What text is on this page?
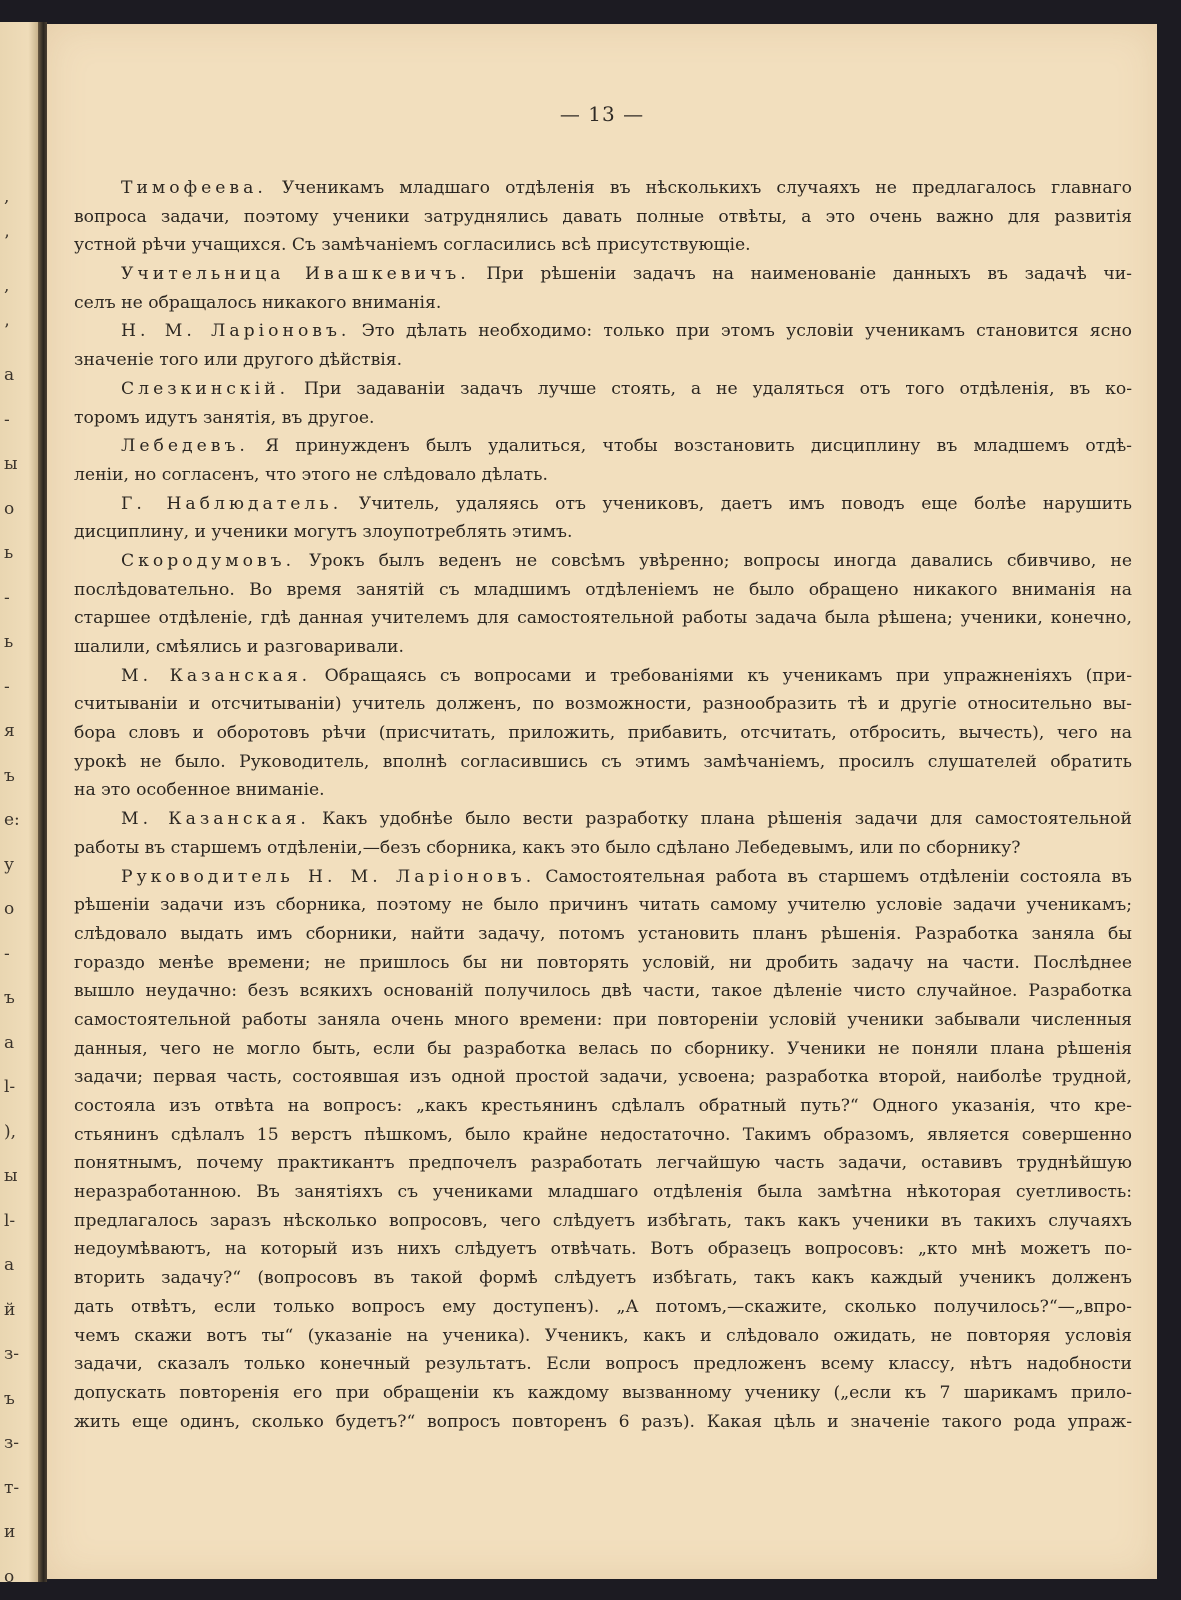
,
’
,
’
а
-
ы
о
ь
-
ь
-
я
ъ
е:
у
о
-
ъ
а
l-
),
ы
l-
а
й
з-
ъ
з-
т-
и
о
— 13 —
Тимофеева. Ученикамъ младшаго отдѣленія въ нѣсколькихъ случаяхъ не предлагалось главнаго
вопроса задачи, поэтому ученики затруднялись давать полные отвѣты, а это очень важно для развитія
устной рѣчи учащихся. Съ замѣчаніемъ согласились всѣ присутствующіе.
Учительница Ивашкевичъ. При рѣшеніи задачъ на наименованіе данныхъ въ задачѣ чи-
селъ не обращалось никакого вниманія.
Н. М. Ларіоновъ. Это дѣлать необходимо: только при этомъ условіи ученикамъ становится ясно
значеніе того или другого дѣйствія.
Слезкинскій. При задаваніи задачъ лучше стоять, а не удаляться отъ того отдѣленія, въ ко-
торомъ идутъ занятія, въ другое.
Лебедевъ. Я принужденъ былъ удалиться, чтобы возстановить дисциплину въ младшемъ отдѣ-
леніи, но согласенъ, что этого не слѣдовало дѣлать.
Г. Наблюдатель. Учитель, удаляясь отъ учениковъ, даетъ имъ поводъ еще болѣе нарушить
дисциплину, и ученики могутъ злоупотреблять этимъ.
Скородумовъ. Урокъ былъ веденъ не совсѣмъ увѣренно; вопросы иногда давались сбивчиво, не
послѣдовательно. Во время занятій съ младшимъ отдѣленіемъ не было обращено никакого вниманія на
старшее отдѣленіе, гдѣ данная учителемъ для самостоятельной работы задача была рѣшена; ученики, конечно,
шалили, смѣялись и разговаривали.
М. Казанская. Обращаясь съ вопросами и требованіями къ ученикамъ при упражненіяхъ (при-
считываніи и отсчитываніи) учитель долженъ, по возможности, разнообразить тѣ и другіе относительно вы-
бора словъ и оборотовъ рѣчи (присчитать, приложить, прибавить, отсчитать, отбросить, вычесть), чего на
урокѣ не было. Руководитель, вполнѣ согласившись съ этимъ замѣчаніемъ, просилъ слушателей обратить
на это особенное вниманіе.
М. Казанская. Какъ удобнѣе было вести разработку плана рѣшенія задачи для самостоятельной
работы въ старшемъ отдѣленіи,—безъ сборника, какъ это было сдѣлано Лебедевымъ, или по сборнику?
Руководитель Н. М. Ларіоновъ. Самостоятельная работа въ старшемъ отдѣленіи состояла въ
рѣшеніи задачи изъ сборника, поэтому не было причинъ читать самому учителю условіе задачи ученикамъ;
слѣдовало выдать имъ сборники, найти задачу, потомъ установить планъ рѣшенія. Разработка заняла бы
гораздо менѣе времени; не пришлось бы ни повторять условій, ни дробить задачу на части. Послѣднее
вышло неудачно: безъ всякихъ основаній получилось двѣ части, такое дѣленіе чисто случайное. Разработка
самостоятельной работы заняла очень много времени: при повтореніи условій ученики забывали численныя
данныя, чего не могло быть, если бы разработка велась по сборнику. Ученики не поняли плана рѣшенія
задачи; первая часть, состоявшая изъ одной простой задачи, усвоена; разработка второй, наиболѣе трудной,
состояла изъ отвѣта на вопросъ: „какъ крестьянинъ сдѣлалъ обратный путь?“ Одного указанія, что кре-
стьянинъ сдѣлалъ 15 верстъ пѣшкомъ, было крайне недостаточно. Такимъ образомъ, является совершенно
понятнымъ, почему практикантъ предпочелъ разработать легчайшую часть задачи, оставивъ труднѣйшую
неразработанною. Въ занятіяхъ съ учениками младшаго отдѣленія была замѣтна нѣкоторая суетливость:
предлагалось заразъ нѣсколько вопросовъ, чего слѣдуетъ избѣгать, такъ какъ ученики въ такихъ случаяхъ
недоумѣваютъ, на который изъ нихъ слѣдуетъ отвѣчать. Вотъ образецъ вопросовъ: „кто мнѣ можетъ по-
вторить задачу?“ (вопросовъ въ такой формѣ слѣдуетъ избѣгать, такъ какъ каждый ученикъ долженъ
дать отвѣтъ, если только вопросъ ему доступенъ). „А потомъ,—скажите, сколько получилось?“—„впро-
чемъ скажи вотъ ты“ (указаніе на ученика). Ученикъ, какъ и слѣдовало ожидать, не повторяя условія
задачи, сказалъ только конечный результатъ. Если вопросъ предложенъ всему классу, нѣтъ надобности
допускать повторенія его при обращеніи къ каждому вызванному ученику („если къ 7 шарикамъ прило-
жить еще одинъ, сколько будетъ?“ вопросъ повторенъ 6 разъ). Какая цѣль и значеніе такого рода упраж-
